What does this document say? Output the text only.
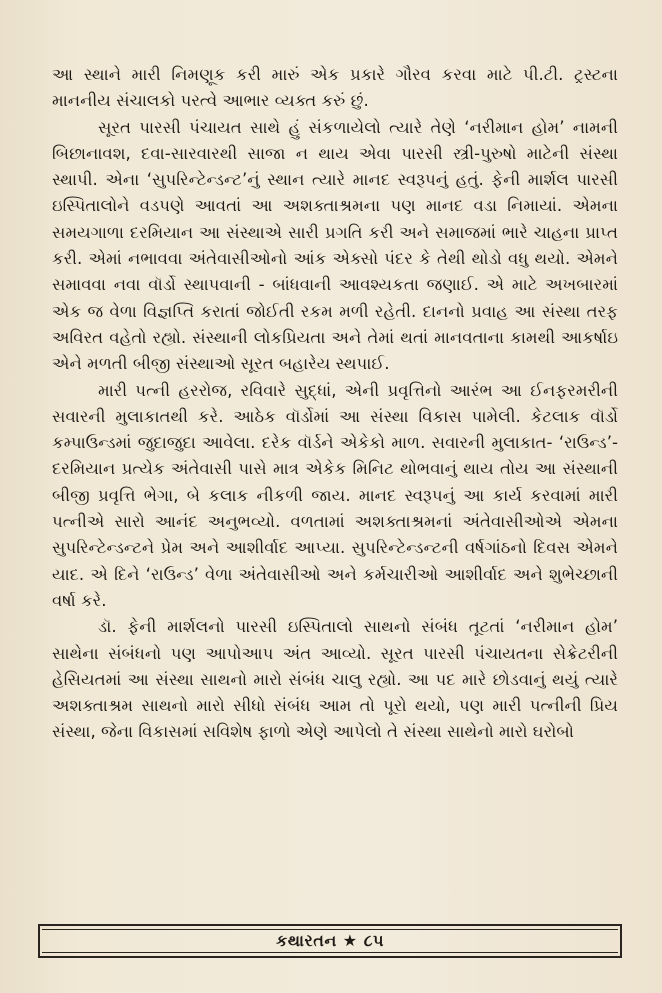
આ સ્થાને મારી નિમણૂક કરી મારું એક પ્રકારે ગૌરવ કરવા માટે પી.ટી. ટ્રસ્ટના માનનીય સંચાલકો પરત્વે આભાર વ્યક્ત કરું છું.

સૂરત પારસી પંચાયત સાથે હું સંકળાયેલો ત્યારે તેણે ‘નરીમાન હોમ’ નામની બિછાનાવશ, દવા-સારવારથી સાજા ન થાય એવા પારસી સ્ત્રી-પુરુષો માટેની સંસ્થા સ્થાપી. એના ‘સુપરિન્ટેન્ડન્ટ’નું સ્થાન ત્યારે માનદ સ્વરૂપનું હતું. ફેની માર્શલ પારસી ઇસ્પિતાલોને વડપણે આવતાં આ અશક્તાશ્રમના પણ માનદ વડા નિમાયાં. એમના સમયગાળા દરમિયાન આ સંસ્થાએ સારી પ્રગતિ કરી અને સમાજમાં ભારે ચાહના પ્રાપ્ત કરી. એમાં નભાવવા અંતેવાસીઓનો આંક એક્સો પંદર કે તેથી થોડો વધુ થયો. એમને સમાવવા નવા વૉર્ડો સ્થાપવાની - બાંધવાની આવશ્યકતા જણાઈ. એ માટે અખબારમાં એક જ વેળા વિજ્ઞપ્તિ કરાતાં જોઈતી રકમ મળી રહેતી. દાનનો પ્રવાહ આ સંસ્થા તરફ અવિરત વહેતો રહ્યો. સંસ્થાની લોકપ્રિયતા અને તેમાં થતાં માનવતાના કામથી આકર્ષાઇ એને મળતી બીજી સંસ્થાઓ સૂરત બહારેય સ્થપાઈ.

મારી પત્ની હરરોજ, રવિવારે સુદ્ધાં, એની પ્રવૃત્તિનો આરંભ આ ઈનફરમરીની સવારની મુલાકાતથી કરે. આઠેક વૉર્ડોમાં આ સંસ્થા વિકાસ પામેલી. કેટલાક વૉર્ડો કમ્પાઉન્ડમાં જુદાજુદા આવેલા. દરેક વૉર્ડને એકેકો માળ. સવારની મુલાકાત- ‘રાઉન્ડ’- દરમિયાન પ્રત્યેક અંતેવાસી પાસે માત્ર એકેક મિનિટ થોભવાનું થાય તોય આ સંસ્થાની બીજી પ્રવૃત્તિ ભેગા, બે કલાક નીકળી જાય. માનદ સ્વરૂપનું આ કાર્ય કરવામાં મારી પત્નીએ સારો આનંદ અનુભવ્યો. વળતામાં અશક્તાશ્રમનાં અંતેવાસીઓએ એમના સુપરિન્ટેન્ડન્ટને પ્રેમ અને આશીર્વાદ આપ્યા. સુપરિન્ટેન્ડન્ટની વર્ષગાંઠનો દિવસ એમને યાદ. એ દિને ‘રાઉન્ડ’ વેળા અંતેવાસીઓ અને કર્મચારીઓ આશીર્વાદ અને શુભેચ્છાની વર્ષા કરે.

ડૉ. ફેની માર્શલનો પારસી ઇસ્પિતાલો સાથનો સંબંધ તૂટતાં ‘નરીમાન હોમ’ સાથેના સંબંધનો પણ આપોઆપ અંત આવ્યો. સૂરત પારસી પંચાયતના સેક્રેટરીની હેસિયતમાં આ સંસ્થા સાથનો મારો સંબંધ ચાલુ રહ્યો. આ પદ મારે છોડવાનું થયું ત્યારે અશક્તાશ્રમ સાથનો મારો સીધો સંબંધ આમ તો પૂરો થયો, પણ મારી પત્નીની પ્રિય સંસ્થા, જેના વિકાસમાં સવિશેષ ફાળો એણે આપેલો તે સંસ્થા સાથેનો મારો ઘરોબો

કથારતન ★ ૮૫
